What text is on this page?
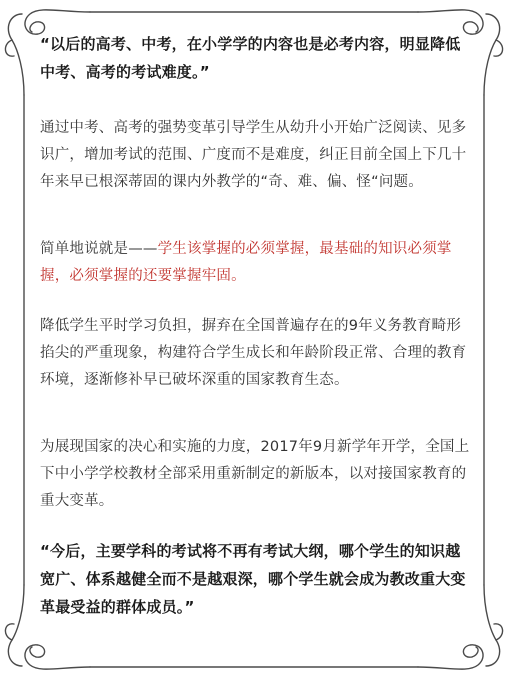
“以后的高考、中考，在小学学的内容也是必考内容，明显降低中考、高考的考试难度。”

通过中考、高考的强势变革引导学生从幼升小开始广泛阅读、见多识广，增加考试的范围、广度而不是难度，纠正目前全国上下几十年来早已根深蒂固的课内外教学的“奇、难、偏、怪“问题。

简单地说就是——学生该掌握的必须掌握，最基础的知识必须掌握，必须掌握的还要掌握牢固。

降低学生平时学习负担，摒弃在全国普遍存在的9年义务教育畸形掐尖的严重现象，构建符合学生成长和年龄阶段正常、合理的教育环境，逐渐修补早已破坏深重的国家教育生态。

为展现国家的决心和实施的力度，2017年9月新学年开学，全国上下中小学学校教材全部采用重新制定的新版本，以对接国家教育的重大变革。

“今后，主要学科的考试将不再有考试大纲，哪个学生的知识越宽广、体系越健全而不是越艰深，哪个学生就会成为教改重大变革最受益的群体成员。”
